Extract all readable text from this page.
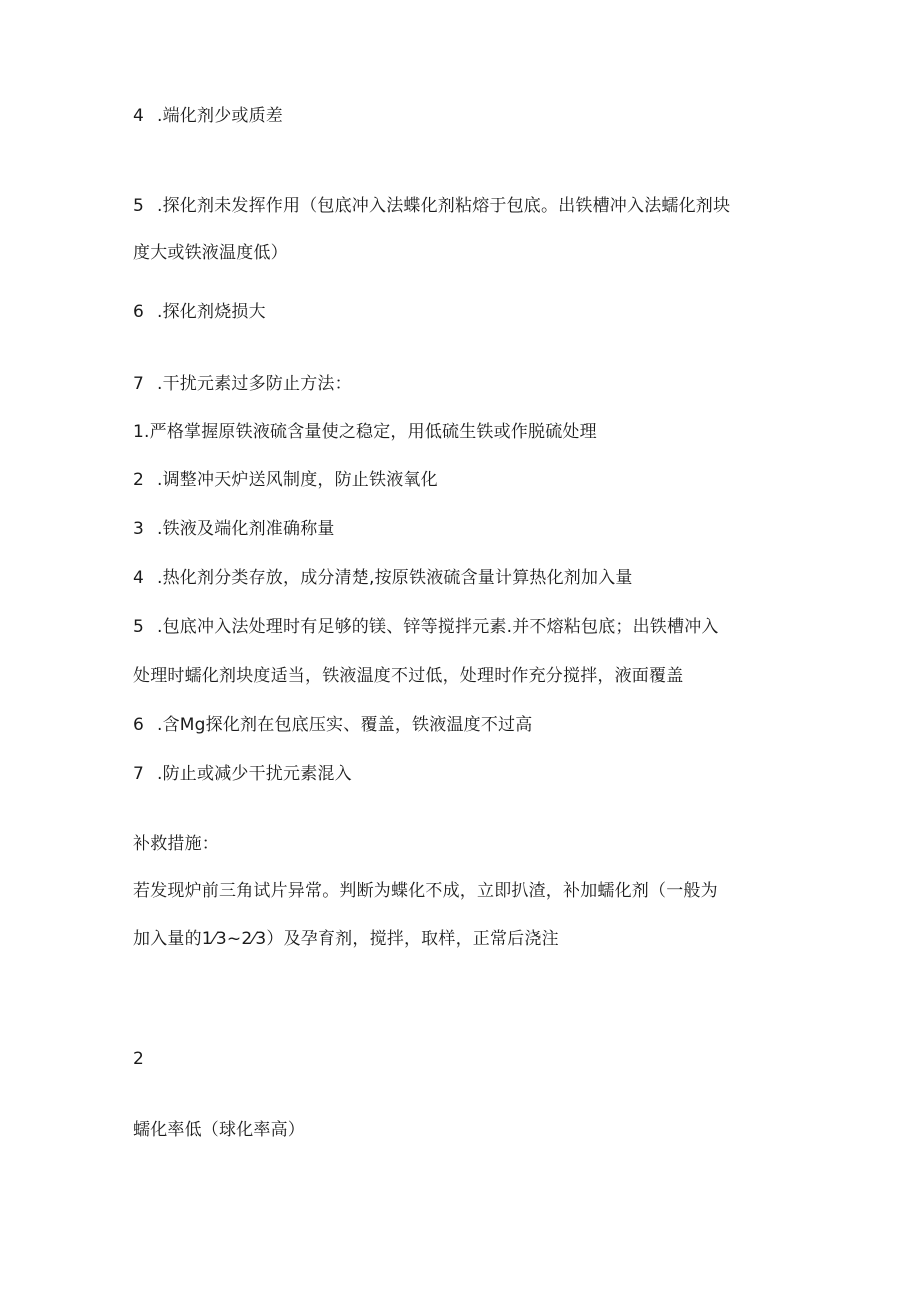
4 .端化剂少或质差
5 .探化剂未发挥作用（包底冲入法蝶化剂粘熔于包底。出铁槽冲入法蠕化剂块
度大或铁液温度低）
6 .探化剂烧损大
7 .干扰元素过多防止方法：
1.严格掌握原铁液硫含量使之稳定，用低硫生铁或作脱硫处理
2 .调整冲天炉送风制度，防止铁液氧化
3 .铁液及端化剂准确称量
4 .热化剂分类存放，成分清楚,按原铁液硫含量计算热化剂加入量
5 .包底冲入法处理时有足够的镁、锌等搅拌元素.并不熔粘包底；出铁槽冲入
处理时蠕化剂块度适当，铁液温度不过低，处理时作充分搅拌，液面覆盖
6 .含Mg探化剂在包底压实、覆盖，铁液温度不过高
7 .防止或减少干扰元素混入
补救措施：
若发现炉前三角试片异常。判断为蝶化不成，立即扒渣，补加蠕化剂（一般为
加入量的1⁄3~2⁄3）及孕育剂，搅拌，取样，正常后浇注
2
蠕化率低（球化率高）
